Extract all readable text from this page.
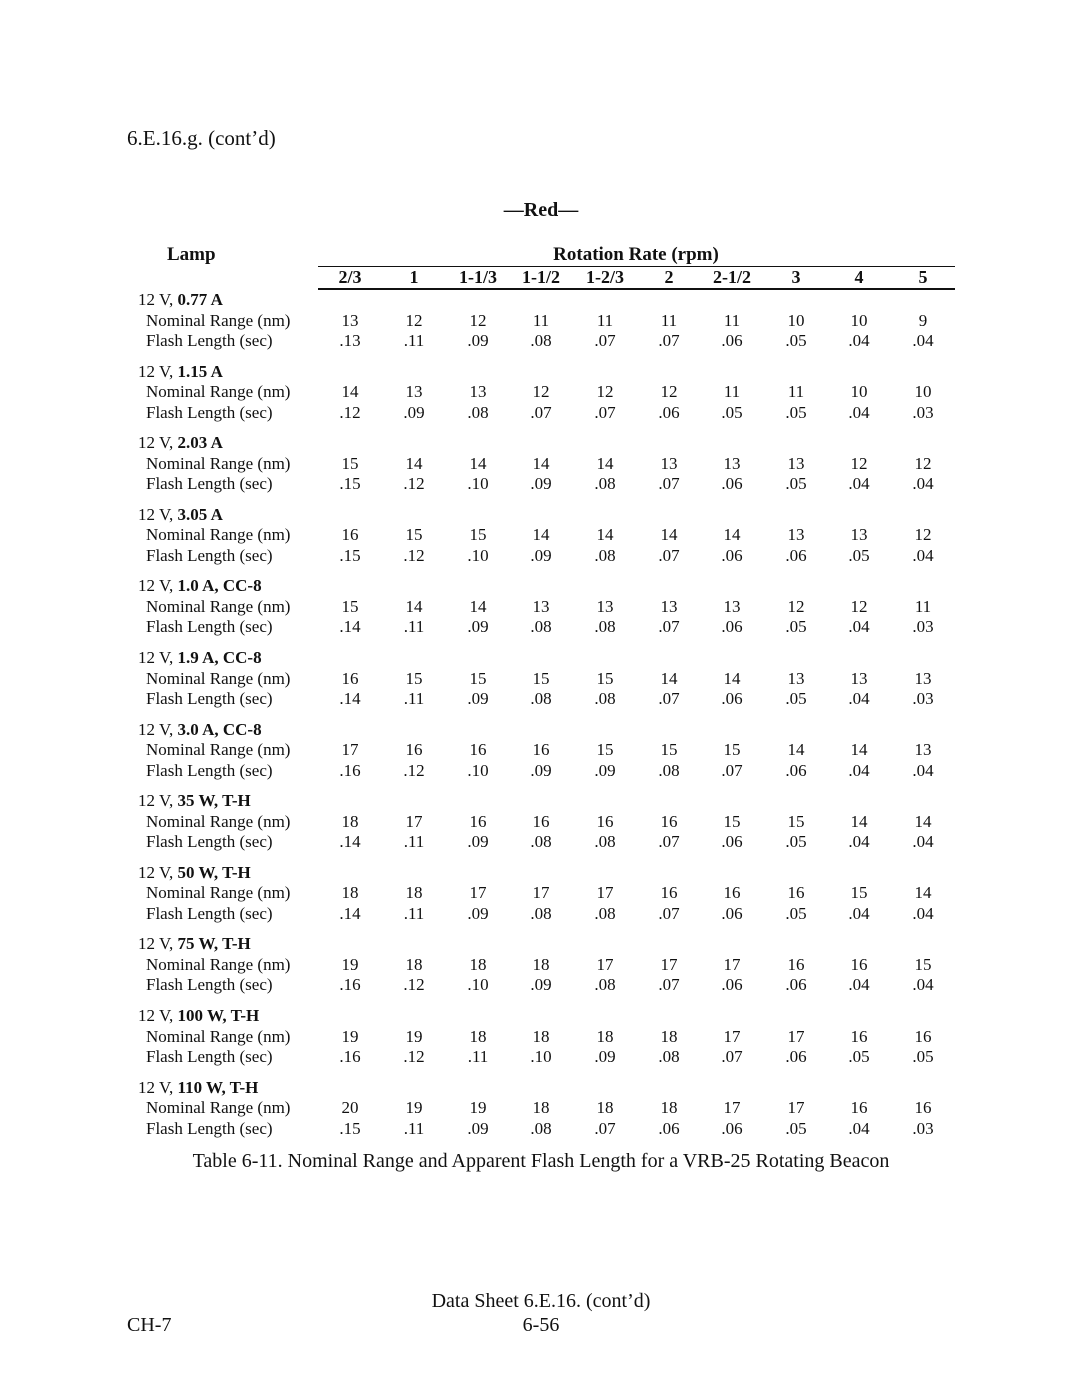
6.E.16.g. (cont’d)
—Red—
Lamp	Rotation Rate (rpm)
2/3	1	1-1/3	1-1/2	1-2/3	2	2-1/2	3	4	5
12 V, 0.77 A
Nominal Range (nm)	13	12	12	11	11	11	11	10	10	9
Flash Length (sec)	.13	.11	.09	.08	.07	.07	.06	.05	.04	.04
12 V, 1.15 A
Nominal Range (nm)	14	13	13	12	12	12	11	11	10	10
Flash Length (sec)	.12	.09	.08	.07	.07	.06	.05	.05	.04	.03
12 V, 2.03 A
Nominal Range (nm)	15	14	14	14	14	13	13	13	12	12
Flash Length (sec)	.15	.12	.10	.09	.08	.07	.06	.05	.04	.04
12 V, 3.05 A
Nominal Range (nm)	16	15	15	14	14	14	14	13	13	12
Flash Length (sec)	.15	.12	.10	.09	.08	.07	.06	.06	.05	.04
12 V, 1.0 A, CC-8
Nominal Range (nm)	15	14	14	13	13	13	13	12	12	11
Flash Length (sec)	.14	.11	.09	.08	.08	.07	.06	.05	.04	.03
12 V, 1.9 A, CC-8
Nominal Range (nm)	16	15	15	15	15	14	14	13	13	13
Flash Length (sec)	.14	.11	.09	.08	.08	.07	.06	.05	.04	.03
12 V, 3.0 A, CC-8
Nominal Range (nm)	17	16	16	16	15	15	15	14	14	13
Flash Length (sec)	.16	.12	.10	.09	.09	.08	.07	.06	.04	.04
12 V, 35 W, T-H
Nominal Range (nm)	18	17	16	16	16	16	15	15	14	14
Flash Length (sec)	.14	.11	.09	.08	.08	.07	.06	.05	.04	.04
12 V, 50 W, T-H
Nominal Range (nm)	18	18	17	17	17	16	16	16	15	14
Flash Length (sec)	.14	.11	.09	.08	.08	.07	.06	.05	.04	.04
12 V, 75 W, T-H
Nominal Range (nm)	19	18	18	18	17	17	17	16	16	15
Flash Length (sec)	.16	.12	.10	.09	.08	.07	.06	.06	.04	.04
12 V, 100 W, T-H
Nominal Range (nm)	19	19	18	18	18	18	17	17	16	16
Flash Length (sec)	.16	.12	.11	.10	.09	.08	.07	.06	.05	.05
12 V, 110 W, T-H
Nominal Range (nm)	20	19	19	18	18	18	17	17	16	16
Flash Length (sec)	.15	.11	.09	.08	.07	.06	.06	.05	.04	.03
Table 6-11. Nominal Range and Apparent Flash Length for a VRB-25 Rotating Beacon
Data Sheet 6.E.16. (cont’d)
6-56
CH-7
